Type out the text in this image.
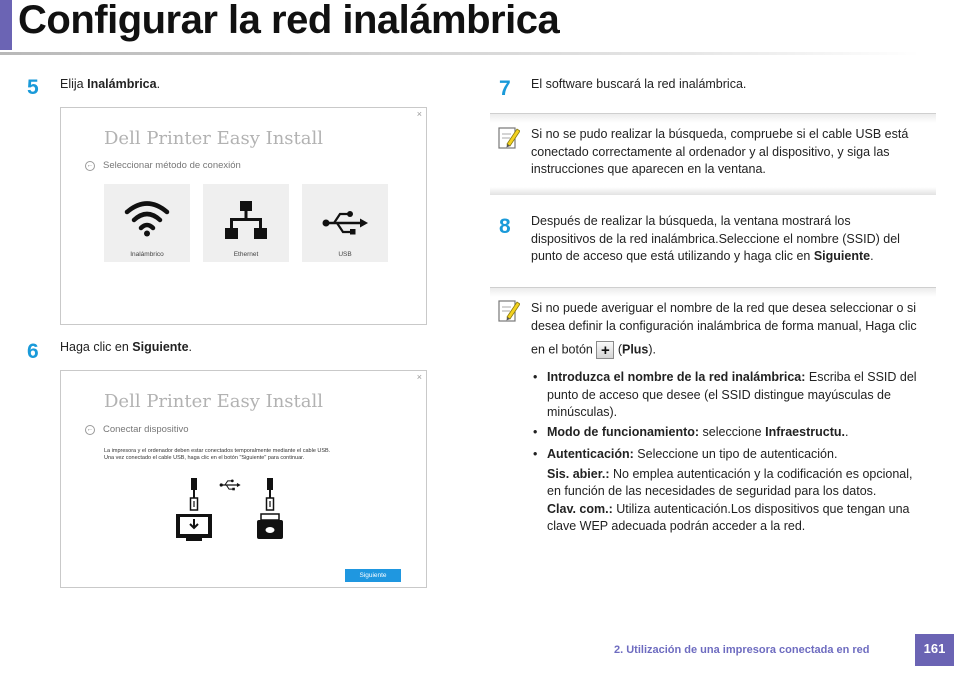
Configurar la red inalámbrica
5 Elija Inalámbrica.
×
Dell Printer Easy Install
← Seleccionar método de conexión
Inalámbrico	Ethernet	USB
6 Haga clic en Siguiente.
×
Dell Printer Easy Install
← Conectar dispositivo
La impresora y el ordenador deben estar conectados temporalmente mediante el cable USB.
Una vez conectado el cable USB, haga clic en el botón "Siguiente" para continuar.
Siguiente
7 El software buscará la red inalámbrica.
Si no se pudo realizar la búsqueda, compruebe si el cable USB está
conectado correctamente al ordenador y al dispositivo, y siga las
instrucciones que aparecen en la ventana.
8 Después de realizar la búsqueda, la ventana mostrará los
dispositivos de la red inalámbrica.Seleccione el nombre (SSID) del
punto de acceso que está utilizando y haga clic en Siguiente.
Si no puede averiguar el nombre de la red que desea seleccionar o si
desea definir la configuración inalámbrica de forma manual, Haga clic
en el botón + (Plus).
• Introduzca el nombre de la red inalámbrica: Escriba el SSID del
punto de acceso que desee (el SSID distingue mayúsculas de
minúsculas).
• Modo de funcionamiento: seleccione Infraestructu..
• Autenticación: Seleccione un tipo de autenticación.
Sis. abier.: No emplea autenticación y la codificación es opcional,
en función de las necesidades de seguridad para los datos.
Clav. com.: Utiliza autenticación.Los dispositivos que tengan una
clave WEP adecuada podrán acceder a la red.
2. Utilización de una impresora conectada en red	161
